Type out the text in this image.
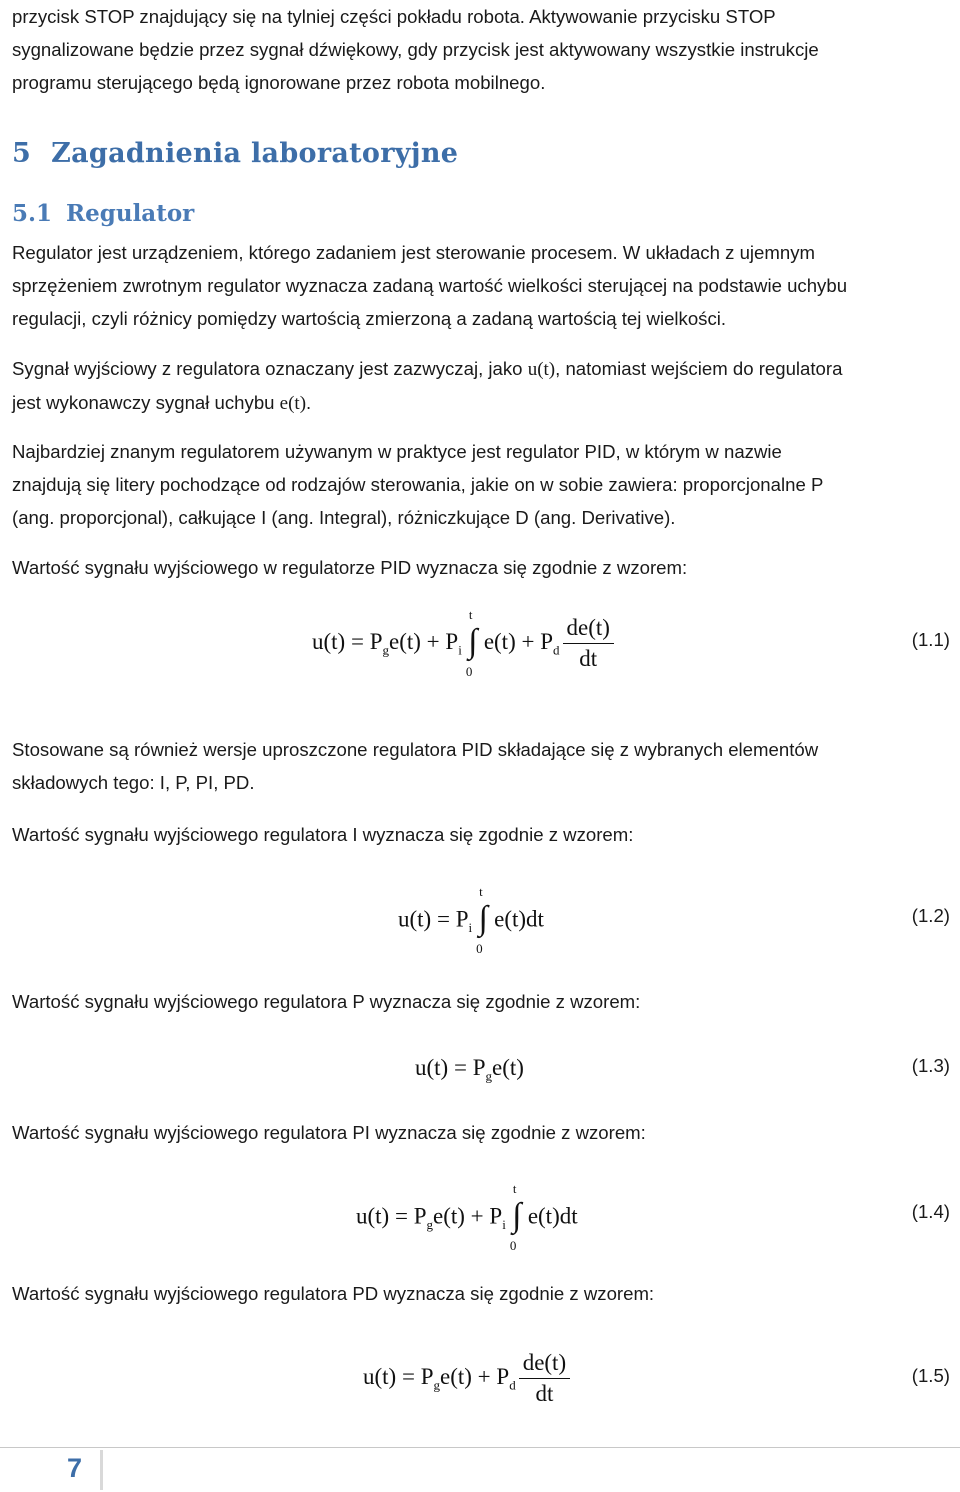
przycisk STOP znajdujący się na tylniej części pokładu robota. Aktywowanie przycisku STOP
sygnalizowane będzie przez sygnał dźwiękowy, gdy przycisk jest aktywowany wszystkie instrukcje
programu sterującego będą ignorowane przez robota mobilnego.

5 Zagadnienia laboratoryjne
5.1 Regulator

Regulator jest urządzeniem, którego zadaniem jest sterowanie procesem. W układach z ujemnym
sprzężeniem zwrotnym regulator wyznacza zadaną wartość wielkości sterującej na podstawie uchybu
regulacji, czyli różnicy pomiędzy wartością zmierzoną a zadaną wartością tej wielkości.

Sygnał wyjściowy z regulatora oznaczany jest zazwyczaj, jako u(t), natomiast wejściem do regulatora
jest wykonawczy sygnał uchybu e(t).

Najbardziej znanym regulatorem używanym w praktyce jest regulator PID, w którym w nazwie
znajdują się litery pochodzące od rodzajów sterowania, jakie on w sobie zawiera: proporcjonalne P
(ang. proporcjonal), całkujące I (ang. Integral), różniczkujące D (ang. Derivative).

Wartość sygnału wyjściowego w regulatorze PID wyznacza się zgodnie z wzorem:

$u(t) = P_ge(t) + P_i$
t
∫
0
$e(t) + P_d \frac{de(t)}{dt}$	(1.1)

Stosowane są również wersje uproszczone regulatora PID składające się z wybranych elementów
składowych tego: I, P, PI, PD.

Wartość sygnału wyjściowego regulatora I wyznacza się zgodnie z wzorem:

$u(t) = P_i$
t
∫
0
e(t)dt	(1.2)

Wartość sygnału wyjściowego regulatora P wyznacza się zgodnie z wzorem:

$u(t) = P_ge(t)$	(1.3)

Wartość sygnału wyjściowego regulatora PI wyznacza się zgodnie z wzorem:

$u(t) = P_ge(t) + P_i$
t
∫
0
e(t)dt	(1.4)

Wartość sygnału wyjściowego regulatora PD wyznacza się zgodnie z wzorem:

$u(t) = P_ge(t) + P_d \frac{de(t)}{dt}$	(1.5)
7
